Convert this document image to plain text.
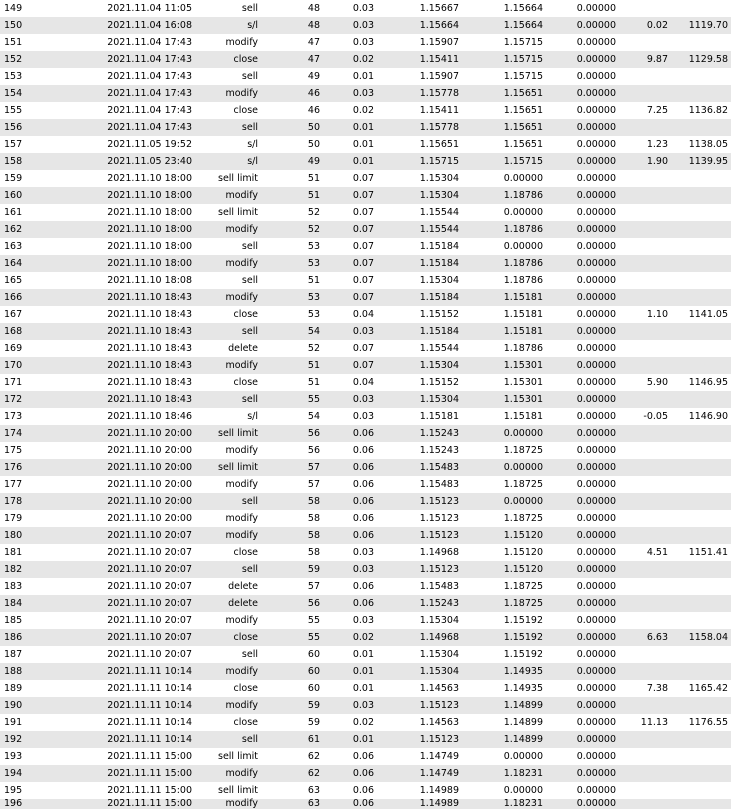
149	2021.11.04 11:05	sell	48	0.03	1.15667	1.15664	0.00000		
150	2021.11.04 16:08	s/l	48	0.03	1.15664	1.15664	0.00000	0.02	1119.70
151	2021.11.04 17:43	modify	47	0.03	1.15907	1.15715	0.00000		
152	2021.11.04 17:43	close	47	0.02	1.15411	1.15715	0.00000	9.87	1129.58
153	2021.11.04 17:43	sell	49	0.01	1.15907	1.15715	0.00000		
154	2021.11.04 17:43	modify	46	0.03	1.15778	1.15651	0.00000		
155	2021.11.04 17:43	close	46	0.02	1.15411	1.15651	0.00000	7.25	1136.82
156	2021.11.04 17:43	sell	50	0.01	1.15778	1.15651	0.00000		
157	2021.11.05 19:52	s/l	50	0.01	1.15651	1.15651	0.00000	1.23	1138.05
158	2021.11.05 23:40	s/l	49	0.01	1.15715	1.15715	0.00000	1.90	1139.95
159	2021.11.10 18:00	sell limit	51	0.07	1.15304	0.00000	0.00000		
160	2021.11.10 18:00	modify	51	0.07	1.15304	1.18786	0.00000		
161	2021.11.10 18:00	sell limit	52	0.07	1.15544	0.00000	0.00000		
162	2021.11.10 18:00	modify	52	0.07	1.15544	1.18786	0.00000		
163	2021.11.10 18:00	sell	53	0.07	1.15184	0.00000	0.00000		
164	2021.11.10 18:00	modify	53	0.07	1.15184	1.18786	0.00000		
165	2021.11.10 18:08	sell	51	0.07	1.15304	1.18786	0.00000		
166	2021.11.10 18:43	modify	53	0.07	1.15184	1.15181	0.00000		
167	2021.11.10 18:43	close	53	0.04	1.15152	1.15181	0.00000	1.10	1141.05
168	2021.11.10 18:43	sell	54	0.03	1.15184	1.15181	0.00000		
169	2021.11.10 18:43	delete	52	0.07	1.15544	1.18786	0.00000		
170	2021.11.10 18:43	modify	51	0.07	1.15304	1.15301	0.00000		
171	2021.11.10 18:43	close	51	0.04	1.15152	1.15301	0.00000	5.90	1146.95
172	2021.11.10 18:43	sell	55	0.03	1.15304	1.15301	0.00000		
173	2021.11.10 18:46	s/l	54	0.03	1.15181	1.15181	0.00000	-0.05	1146.90
174	2021.11.10 20:00	sell limit	56	0.06	1.15243	0.00000	0.00000		
175	2021.11.10 20:00	modify	56	0.06	1.15243	1.18725	0.00000		
176	2021.11.10 20:00	sell limit	57	0.06	1.15483	0.00000	0.00000		
177	2021.11.10 20:00	modify	57	0.06	1.15483	1.18725	0.00000		
178	2021.11.10 20:00	sell	58	0.06	1.15123	0.00000	0.00000		
179	2021.11.10 20:00	modify	58	0.06	1.15123	1.18725	0.00000		
180	2021.11.10 20:07	modify	58	0.06	1.15123	1.15120	0.00000		
181	2021.11.10 20:07	close	58	0.03	1.14968	1.15120	0.00000	4.51	1151.41
182	2021.11.10 20:07	sell	59	0.03	1.15123	1.15120	0.00000		
183	2021.11.10 20:07	delete	57	0.06	1.15483	1.18725	0.00000		
184	2021.11.10 20:07	delete	56	0.06	1.15243	1.18725	0.00000		
185	2021.11.10 20:07	modify	55	0.03	1.15304	1.15192	0.00000		
186	2021.11.10 20:07	close	55	0.02	1.14968	1.15192	0.00000	6.63	1158.04
187	2021.11.10 20:07	sell	60	0.01	1.15304	1.15192	0.00000		
188	2021.11.11 10:14	modify	60	0.01	1.15304	1.14935	0.00000		
189	2021.11.11 10:14	close	60	0.01	1.14563	1.14935	0.00000	7.38	1165.42
190	2021.11.11 10:14	modify	59	0.03	1.15123	1.14899	0.00000		
191	2021.11.11 10:14	close	59	0.02	1.14563	1.14899	0.00000	11.13	1176.55
192	2021.11.11 10:14	sell	61	0.01	1.15123	1.14899	0.00000		
193	2021.11.11 15:00	sell limit	62	0.06	1.14749	0.00000	0.00000		
194	2021.11.11 15:00	modify	62	0.06	1.14749	1.18231	0.00000		
195	2021.11.11 15:00	sell limit	63	0.06	1.14989	0.00000	0.00000		
196	2021.11.11 15:00	modify	63	0.06	1.14989	1.18231	0.00000		
